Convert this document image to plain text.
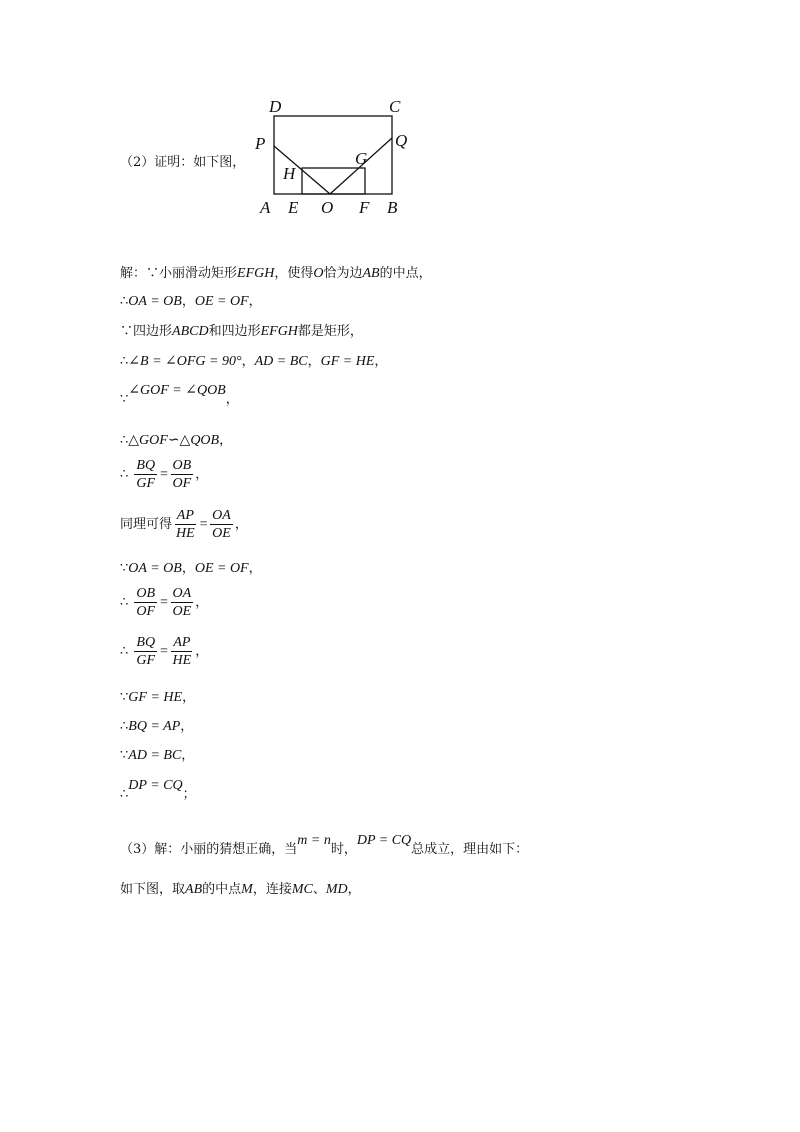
（2）证明：如下图，
D	C
P	Q
G
H
A E O F B
解：∵小丽滑动矩形EFGH，使得O恰为边AB的中点，
∴OA = OB，OE = OF，
∵四边形ABCD和四边形EFGH都是矩形，
∴∠B = ∠OFG = 90°，AD = BC，GF = HE，
∵∠GOF = ∠QOB，
∴△GOF∽△QOB，
∴ $\frac{BQ}{GF} = \frac{OB}{OF}$ ，
同理可得 $\frac{AP}{HE} = \frac{OA}{OE}$ ，
∵OA = OB，OE = OF，
∴ $\frac{OB}{OF} = \frac{OA}{OE}$ ，
∴ $\frac{BQ}{GF} = \frac{AP}{HE}$ ，
∵GF = HE，
∴BQ = AP，
∵AD = BC，
∴DP = CQ；
（3）解：小丽的猜想正确，当m = n时，DP = CQ总成立，理由如下：
如下图，取AB的中点M，连接MC、MD，
